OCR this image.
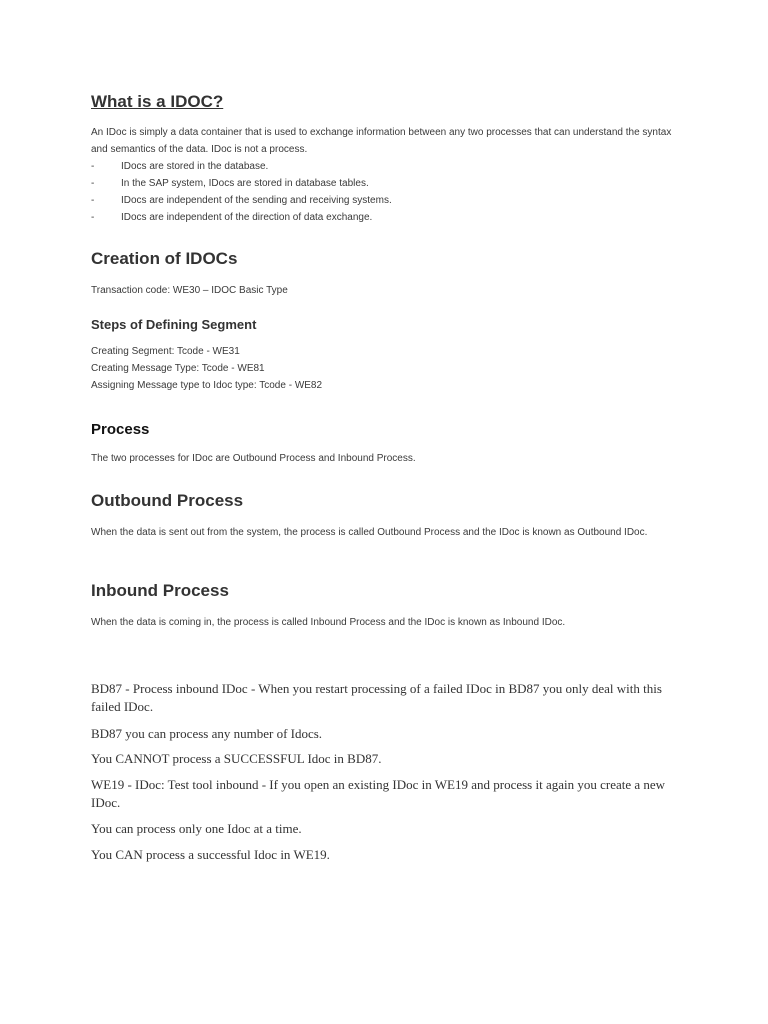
What is a IDOC?

An IDoc is simply a data container that is used to exchange information between any two processes that can understand the syntax and semantics of the data. IDoc is not a process.

-	IDocs are stored in the database.
-	In the SAP system, IDocs are stored in database tables.
-	IDocs are independent of the sending and receiving systems.
-	IDocs are independent of the direction of data exchange.
Creation of IDOCs

Transaction code: WE30 – IDOC Basic Type

Steps of Defining Segment

Creating Segment: Tcode - WE31

Creating Message Type: Tcode - WE81

Assigning Message type to Idoc type: Tcode - WE82

Process

The two processes for IDoc are Outbound Process and Inbound Process.

Outbound Process

When the data is sent out from the system, the process is called Outbound Process and the IDoc is known as Outbound IDoc.

Inbound Process

When the data is coming in, the process is called Inbound Process and the IDoc is known as Inbound IDoc.

BD87 - Process inbound IDoc - When you restart processing of a failed IDoc in BD87 you only deal with this failed IDoc.

BD87 you can process any number of Idocs.

You CANNOT process a SUCCESSFUL Idoc in BD87.

WE19 - IDoc: Test tool inbound - If you open an existing IDoc in WE19 and process it again you create a new IDoc.

You can process only one Idoc at a time.

You CAN process a successful Idoc in WE19.
